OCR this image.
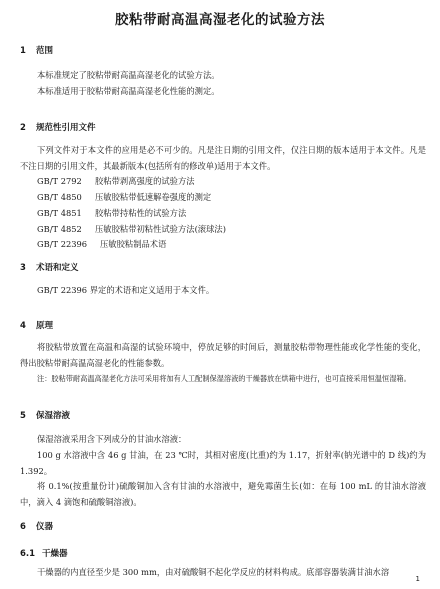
胶粘带耐高温高湿老化的试验方法
1 范围
本标准规定了胶粘带耐高温高湿老化的试验方法。
本标准适用于胶粘带耐高温高湿老化性能的测定。
2 规范性引用文件
下列文件对于本文件的应用是必不可少的。凡是注日期的引用文件，仅注日期的版本适用于本文件。凡是不注日期的引用文件，其最新版本(包括所有的修改单)适用于本文件。
GB/T 2792 胶粘带剥离强度的试验方法
GB/T 4850 压敏胶粘带低速解卷强度的测定
GB/T 4851 胶粘带持粘性的试验方法
GB/T 4852 压敏胶粘带初粘性试验方法(滚球法)
GB/T 22396 压敏胶粘制品术语
3 术语和定义
GB/T 22396 界定的术语和定义适用于本文件。
4 原理
将胶粘带放置在高温和高湿的试验环境中，停放足够的时间后，测量胶粘带物理性能或化学性能的变化，得出胶粘带耐高温高湿老化的性能参数。
注：胶粘带耐高温高湿老化方法可采用将加有人工配制保湿溶液的干燥器放在烘箱中进行，也可直接采用恒温恒湿箱。
5 保湿溶液
保湿溶液采用含下列成分的甘油水溶液：
100 g 水溶液中含 46 g 甘油，在 23 ℃时，其相对密度(比重)约为 1.17，折射率(钠光谱中的 D 线)约为 1.392。
将 0.1%(按重量份计)硫酸铜加入含有甘油的水溶液中，避免霉菌生长(如：在每 100 mL 的甘油水溶液中，滴入 4 滴饱和硫酸铜溶液)。
6 仪器
6.1 干燥器
干燥器的内直径至少是 300 mm，由对硫酸铜不起化学反应的材料构成。底部容器装满甘油水溶
1
